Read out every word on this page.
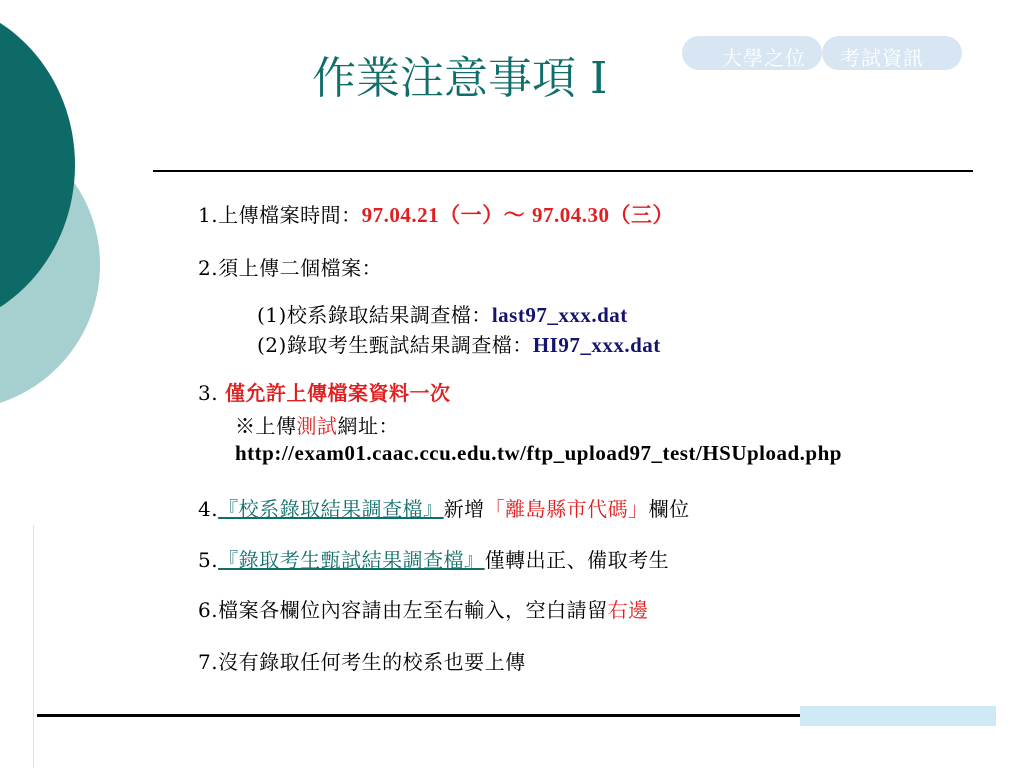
作業注意事項 I	大學之位 考試資訊
1.上傳檔案時間：97.04.21（一）～ 97.04.30（三）
2.須上傳二個檔案：
(1)校系錄取結果調查檔：last97_xxx.dat
(2)錄取考生甄試結果調查檔：HI97_xxx.dat
3. 僅允許上傳檔案資料一次
※上傳測試網址：
http://exam01.caac.ccu.edu.tw/ftp_upload97_test/HSUpload.php
4.『校系錄取結果調查檔』新增「離島縣市代碼」欄位
5.『錄取考生甄試結果調查檔』僅轉出正、備取考生
6.檔案各欄位內容請由左至右輸入，空白請留右邊
7.沒有錄取任何考生的校系也要上傳
